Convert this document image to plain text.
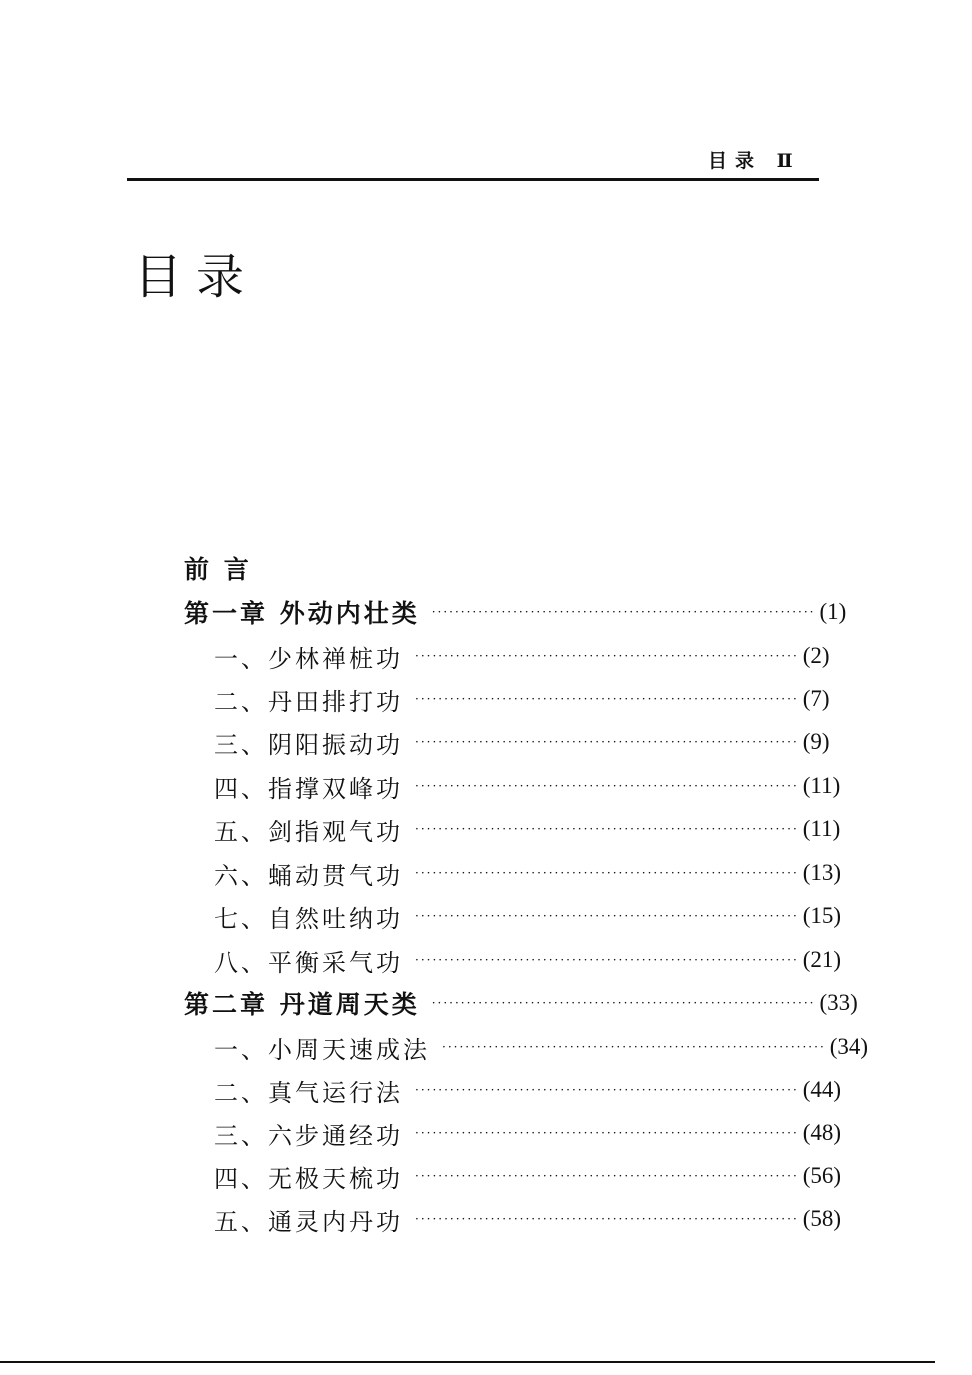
目录 Ⅱ
目录
前 言
第一章 外动内壮类 ·································································· (1)
一、少林禅桩功 ·································································· (2)
二、丹田排打功 ·································································· (7)
三、阴阳振动功 ·································································· (9)
四、指撑双峰功 ·································································· (11)
五、剑指观气功 ·································································· (11)
六、蛹动贯气功 ·································································· (13)
七、自然吐纳功 ·································································· (15)
八、平衡采气功 ·································································· (21)
第二章 丹道周天类 ·································································· (33)
一、小周天速成法 ·································································· (34)
二、真气运行法 ·································································· (44)
三、六步通经功 ·································································· (48)
四、无极天梳功 ·································································· (56)
五、通灵内丹功 ·································································· (58)
